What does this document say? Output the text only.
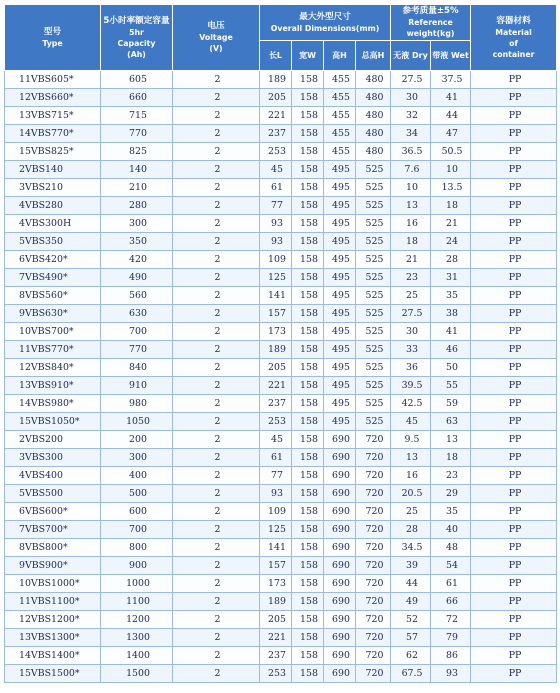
型号
Type	5小时率额定容量
5hr
Capacity
(Ah)	电压
Voltage
(V)	最大外型尺寸
Overall Dimensions(mm)				参考质量±5%
Reference
weight(kg)		容器材料
Material
of
container

			长L	宽W	高H	总高H	无液 Dry	带液 Wet	
11VBS605*	605	2	189	158	455	480	27.5	37.5	PP
12VBS660*	660	2	205	158	455	480	30	41	PP
13VBS715*	715	2	221	158	455	480	32	44	PP
14VBS770*	770	2	237	158	455	480	34	47	PP
15VBS825*	825	2	253	158	455	480	36.5	50.5	PP
2VBS140	140	2	45	158	495	525	7.6	10	PP
3VBS210	210	2	61	158	495	525	10	13.5	PP
4VBS280	280	2	77	158	495	525	13	18	PP
4VBS300H	300	2	93	158	495	525	16	21	PP
5VBS350	350	2	93	158	495	525	18	24	PP
6VBS420*	420	2	109	158	495	525	21	28	PP
7VBS490*	490	2	125	158	495	525	23	31	PP
8VBS560*	560	2	141	158	495	525	25	35	PP
9VBS630*	630	2	157	158	495	525	27.5	38	PP
10VBS700*	700	2	173	158	495	525	30	41	PP
11VBS770*	770	2	189	158	495	525	33	46	PP
12VBS840*	840	2	205	158	495	525	36	50	PP
13VBS910*	910	2	221	158	495	525	39.5	55	PP
14VBS980*	980	2	237	158	495	525	42.5	59	PP
15VBS1050*	1050	2	253	158	495	525	45	63	PP
2VBS200	200	2	45	158	690	720	9.5	13	PP
3VBS300	300	2	61	158	690	720	13	18	PP
4VBS400	400	2	77	158	690	720	16	23	PP
5VBS500	500	2	93	158	690	720	20.5	29	PP
6VBS600*	600	2	109	158	690	720	25	35	PP
7VBS700*	700	2	125	158	690	720	28	40	PP
8VBS800*	800	2	141	158	690	720	34.5	48	PP
9VBS900*	900	2	157	158	690	720	39	54	PP
10VBS1000*	1000	2	173	158	690	720	44	61	PP
11VBS1100*	1100	2	189	158	690	720	49	66	PP
12VBS1200*	1200	2	205	158	690	720	52	72	PP
13VBS1300*	1300	2	221	158	690	720	57	79	PP
14VBS1400*	1400	2	237	158	690	720	62	86	PP
15VBS1500*	1500	2	253	158	690	720	67.5	93	PP
